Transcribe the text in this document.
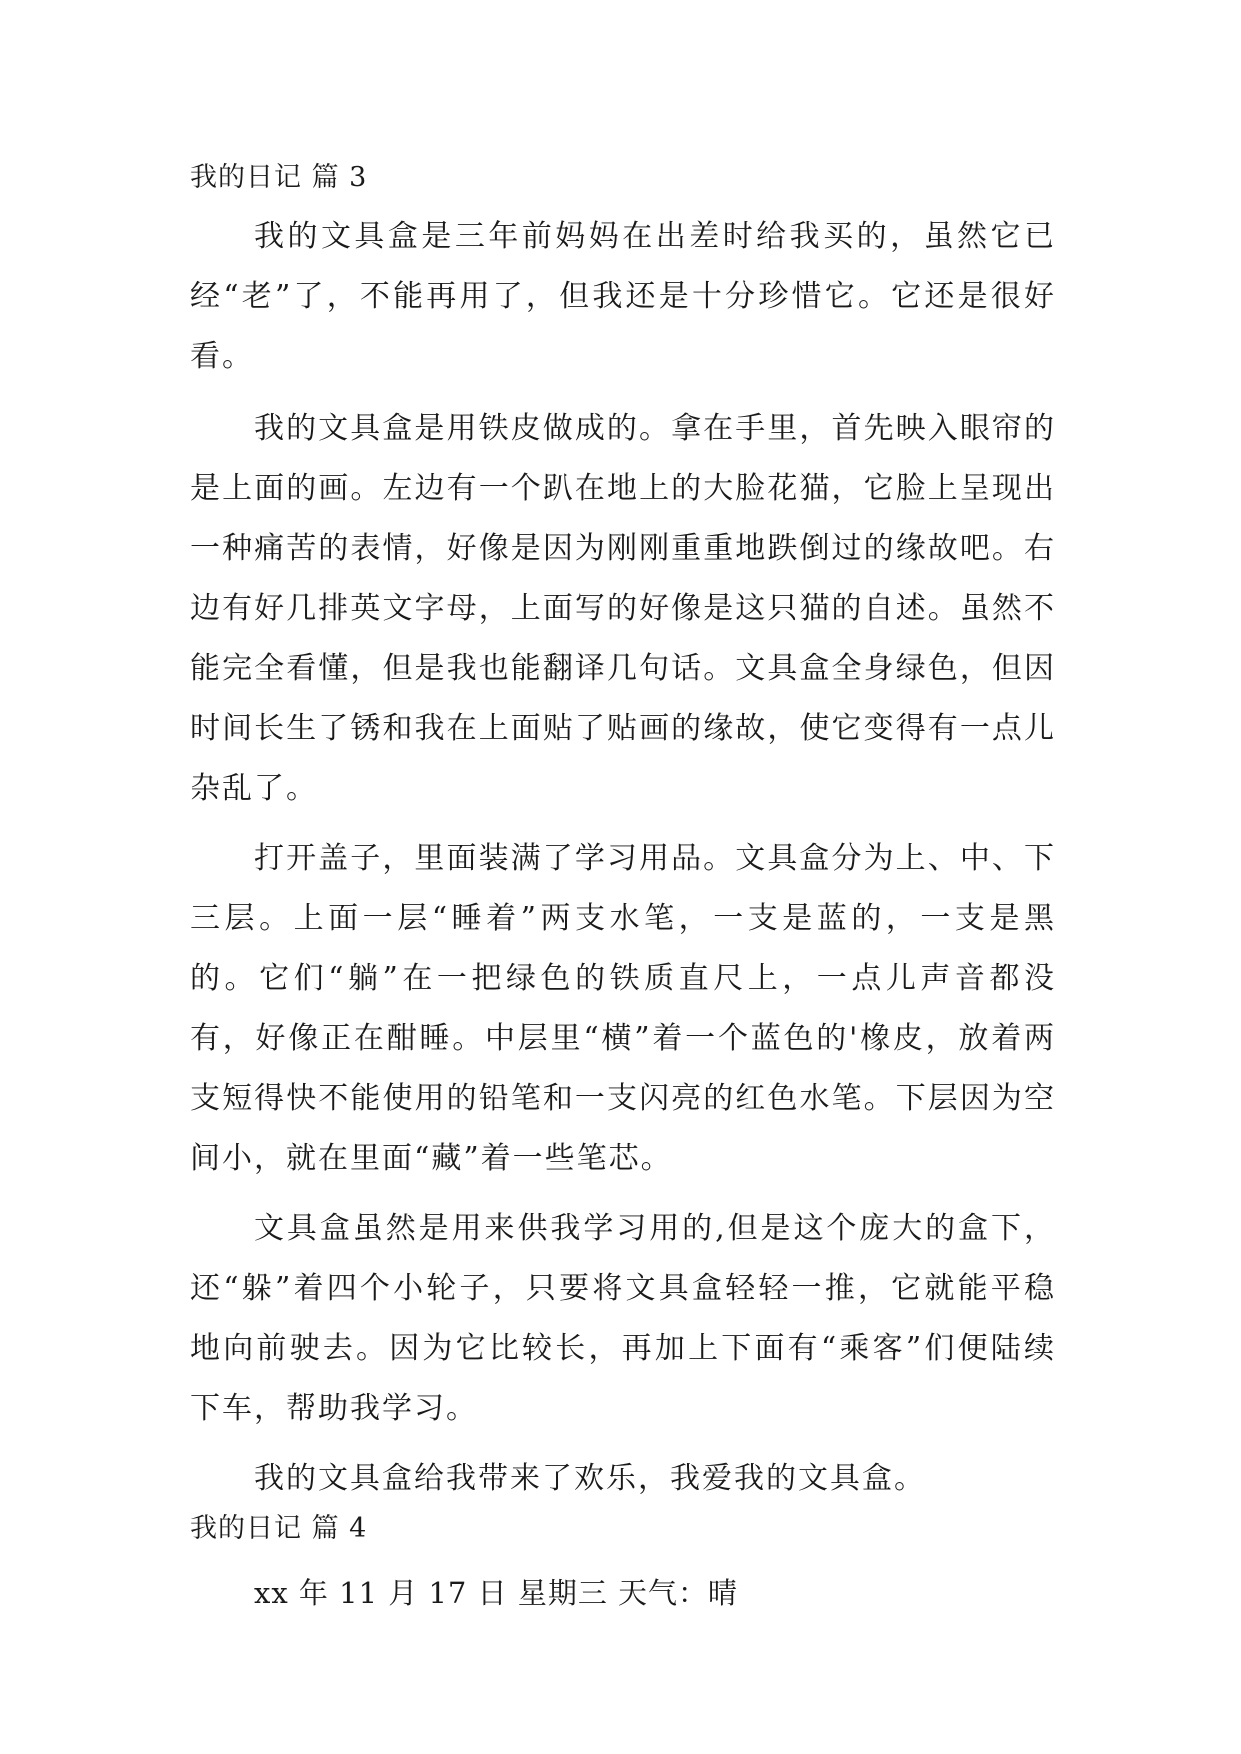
我的日记 篇 3

我的文具盒是三年前妈妈在出差时给我买的，虽然它已经“老”了，不能再用了，但我还是十分珍惜它。它还是很好看。

我的文具盒是用铁皮做成的。拿在手里，首先映入眼帘的是上面的画。左边有一个趴在地上的大脸花猫，它脸上呈现出一种痛苦的表情，好像是因为刚刚重重地跌倒过的缘故吧。右边有好几排英文字母，上面写的好像是这只猫的自述。虽然不能完全看懂，但是我也能翻译几句话。文具盒全身绿色，但因时间长生了锈和我在上面贴了贴画的缘故，使它变得有一点儿杂乱了。

打开盖子，里面装满了学习用品。文具盒分为上、中、下三层。上面一层“睡着”两支水笔，一支是蓝的，一支是黑的。它们“躺”在一把绿色的铁质直尺上，一点儿声音都没有，好像正在酣睡。中层里“横”着一个蓝色的'橡皮，放着两支短得快不能使用的铅笔和一支闪亮的红色水笔。下层因为空间小，就在里面“藏”着一些笔芯。

文具盒虽然是用来供我学习用的,但是这个庞大的盒下，还“躲”着四个小轮子，只要将文具盒轻轻一推，它就能平稳地向前驶去。因为它比较长，再加上下面有“乘客”们便陆续下车，帮助我学习。

我的文具盒给我带来了欢乐，我爱我的文具盒。

我的日记 篇 4

xx 年 11 月 17 日 星期三 天气：晴
